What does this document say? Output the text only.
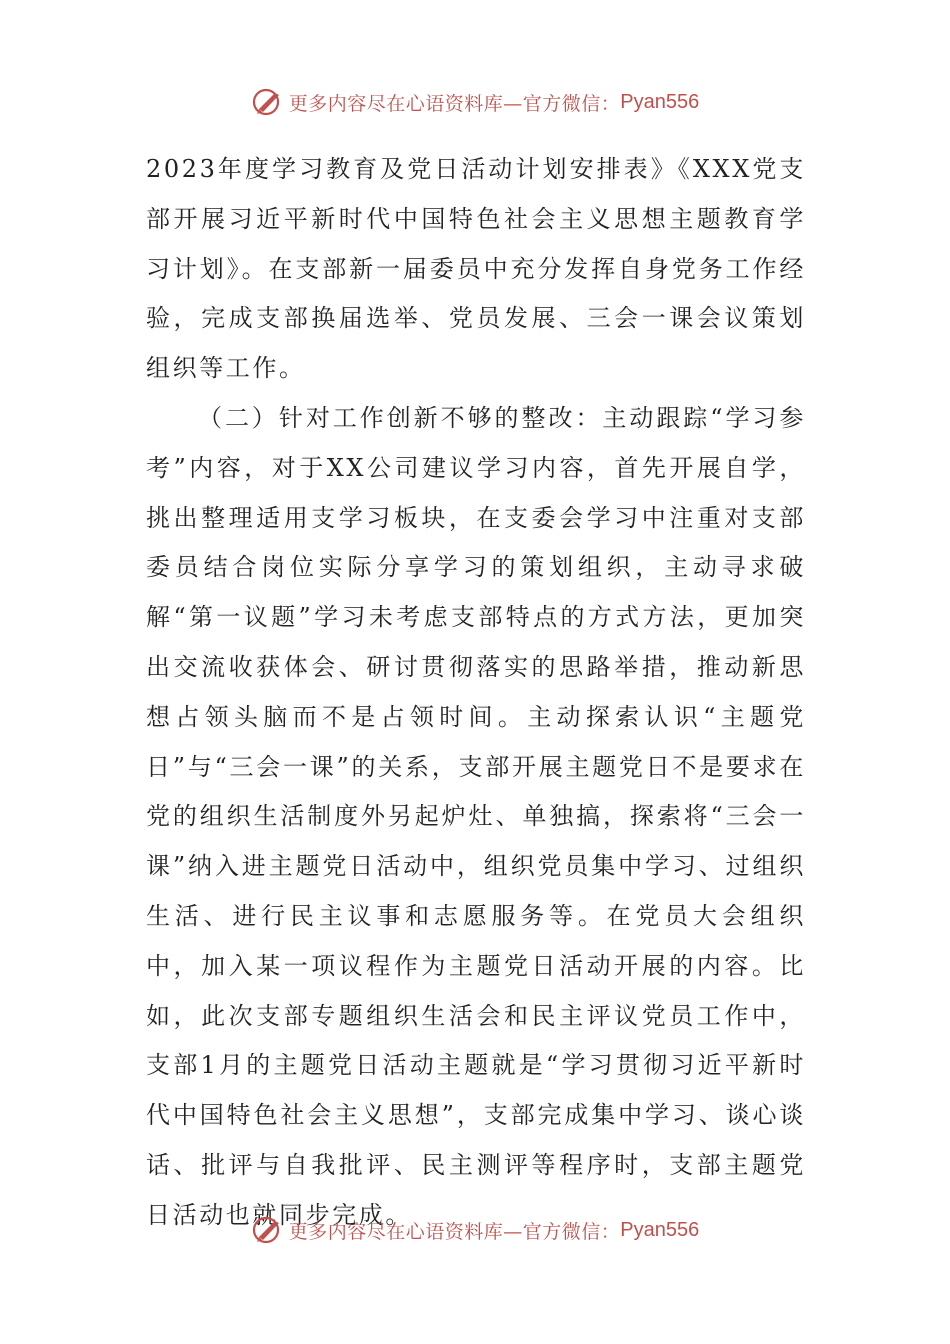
更多内容尽在心语资料库—官方微信： Pyan556

2023年度学习教育及党日活动计划安排表》《XXX党支部开展习近平新时代中国特色社会主义思想主题教育学习计划》。在支部新一届委员中充分发挥自身党务工作经验，完成支部换届选举、党员发展、三会一课会议策划组织等工作。

（二）针对工作创新不够的整改：主动跟踪“学习参考”内容，对于XX公司建议学习内容，首先开展自学，挑出整理适用支学习板块，在支委会学习中注重对支部委员结合岗位实际分享学习的策划组织，主动寻求破解“第一议题”学习未考虑支部特点的方式方法，更加突出交流收获体会、研讨贯彻落实的思路举措，推动新思想占领头脑而不是占领时间。主动探索认识“主题党日”与“三会一课”的关系，支部开展主题党日不是要求在党的组织生活制度外另起炉灶、单独搞，探索将“三会一课”纳入进主题党日活动中，组织党员集中学习、过组织生活、进行民主议事和志愿服务等。在党员大会组织中，加入某一项议程作为主题党日活动开展的内容。比如，此次支部专题组织生活会和民主评议党员工作中，支部1月的主题党日活动主题就是“学习贯彻习近平新时代中国特色社会主义思想”，支部完成集中学习、谈心谈话、批评与自我批评、民主测评等程序时，支部主题党日活动也就同步完成。

更多内容尽在心语资料库—官方微信： Pyan556
